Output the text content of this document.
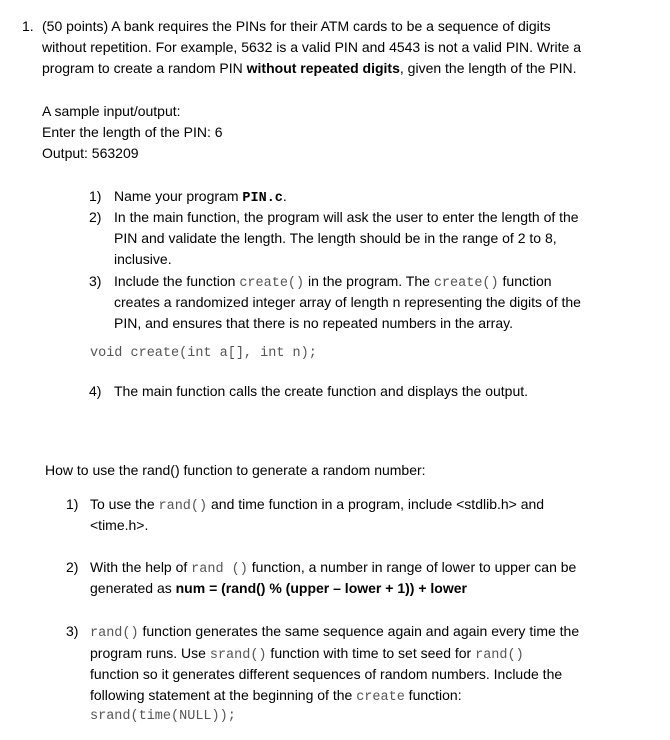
1. (50 points) A bank requires the PINs for their ATM cards to be a sequence of digits
without repetition. For example, 5632 is a valid PIN and 4543 is not a valid PIN. Write a
program to create a random PIN without repeated digits, given the length of the PIN.
A sample input/output:
Enter the length of the PIN: 6
Output: 563209
1) Name your program PIN.c.
2) In the main function, the program will ask the user to enter the length of the
PIN and validate the length. The length should be in the range of 2 to 8,
inclusive.
3) Include the function create() in the program. The create() function
creates a randomized integer array of length n representing the digits of the
PIN, and ensures that there is no repeated numbers in the array.
void create(int a[], int n);
4) The main function calls the create function and displays the output.
How to use the rand() function to generate a random number:
1) To use the rand() and time function in a program, include <stdlib.h> and
<time.h>.
2) With the help of rand () function, a number in range of lower to upper can be
generated as num = (rand() % (upper – lower + 1)) + lower
3) rand() function generates the same sequence again and again every time the
program runs. Use srand() function with time to set seed for rand()
function so it generates different sequences of random numbers. Include the
following statement at the beginning of the create function:
srand(time(NULL));
